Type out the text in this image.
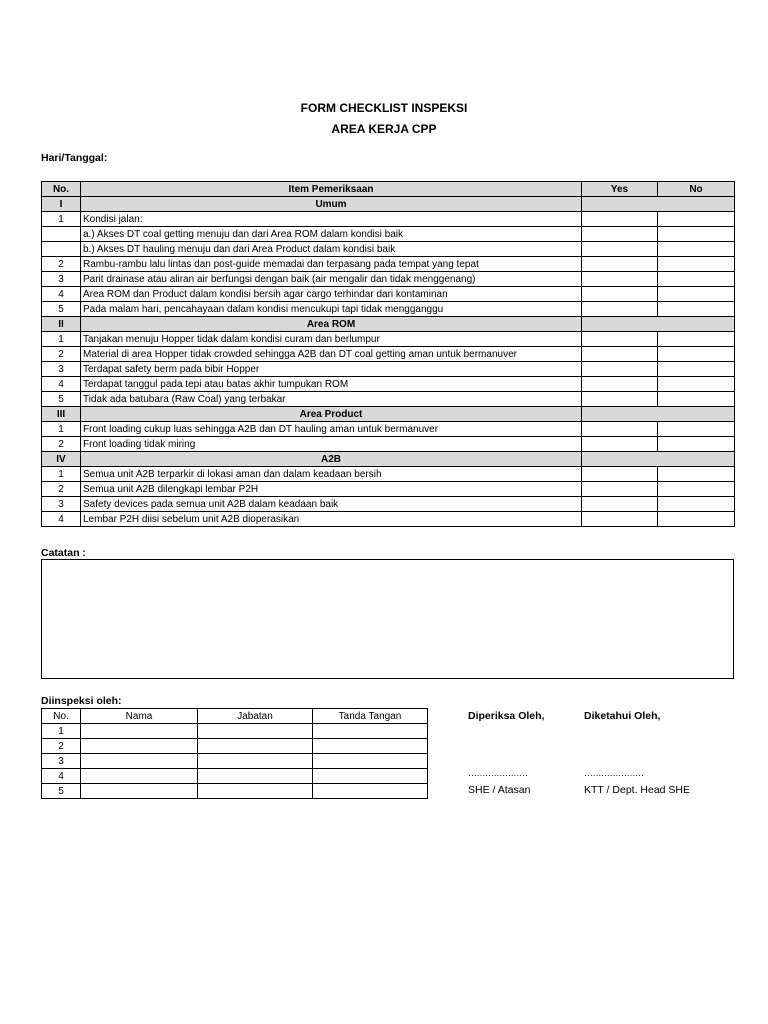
FORM CHECKLIST INSPEKSI
AREA KERJA CPP
Hari/Tanggal:
No.	Item Pemeriksaan	Yes	No
I	Umum		
1	Kondisi jalan:		
	a.) Akses DT coal getting menuju dan dari Area ROM dalam kondisi baik		
	b.) Akses DT hauling menuju dan dari Area Product dalam kondisi baik		
2	Rambu-rambu lalu lintas dan post-guide memadai dan terpasang pada tempat yang tepat		
3	Parit drainase atau aliran air berfungsi dengan baik (air mengalir dan tidak menggenang)		
4	Area ROM dan Product dalam kondisi bersih agar cargo terhindar dari kontaminan		
5	Pada malam hari, pencahayaan dalam kondisi mencukupi tapi tidak mengganggu		
II	Area ROM		
1	Tanjakan menuju Hopper tidak dalam kondisi curam dan berlumpur		
2	Material di area Hopper tidak crowded sehingga A2B dan DT coal getting aman untuk bermanuver		
3	Terdapat safety berm pada bibir Hopper		
4	Terdapat tanggul pada tepi atau batas akhir tumpukan ROM		
5	Tidak ada batubara (Raw Coal) yang terbakar		
III	Area Product		
1	Front loading cukup luas sehingga A2B dan DT hauling aman untuk bermanuver		
2	Front loading tidak miring		
IV	A2B		
1	Semua unit A2B terparkir di lokasi aman dan dalam keadaan bersih		
2	Semua unit A2B dilengkapi lembar P2H		
3	Safety devices pada semua unit A2B dalam keadaan baik		
4	Lembar P2H diisi sebelum unit A2B dioperasikan		
Catatan :
Diinspeksi oleh:
No.	Nama	Jabatan	Tanda Tangan
1			
2			
3			
4			
5			
Diperiksa Oleh,	Diketahui Oleh,
…………………	…………………
SHE / Atasan	KTT / Dept. Head SHE
